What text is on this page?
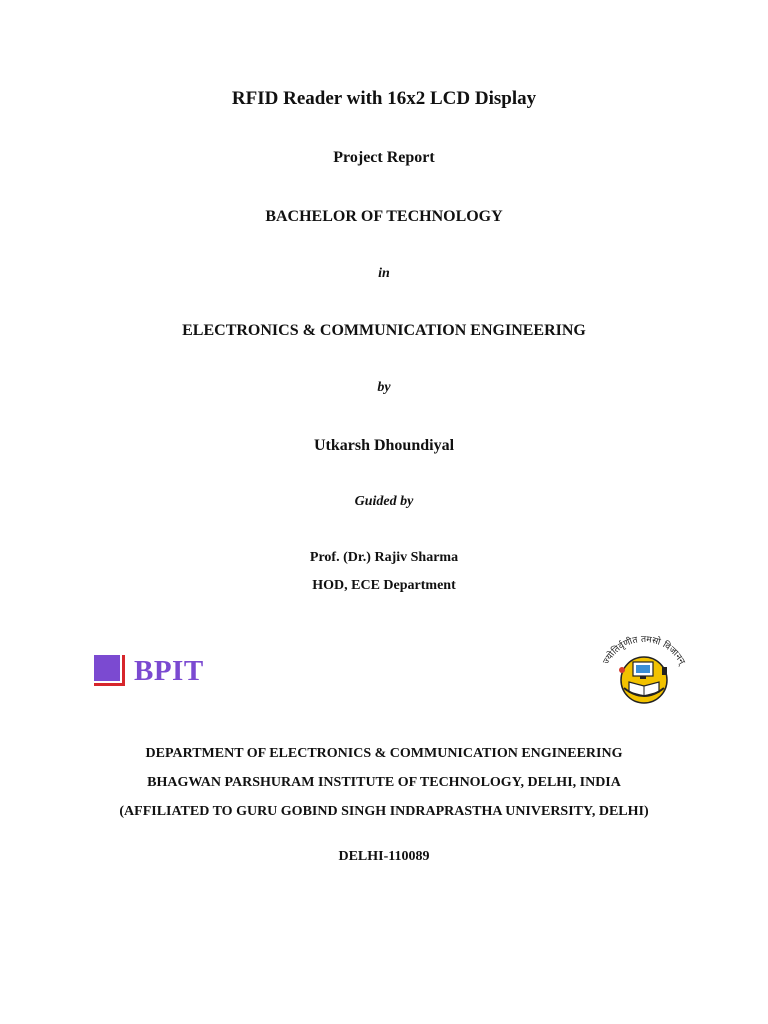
RFID Reader with 16x2 LCD Display
Project Report
BACHELOR OF TECHNOLOGY
in
ELECTRONICS & COMMUNICATION ENGINEERING
by
Utkarsh Dhoundiyal
Guided by
Prof. (Dr.) Rajiv Sharma
HOD, ECE Department
BPIT	ज्योतिर्वृणीत तमसो विजानन्
DEPARTMENT OF ELECTRONICS & COMMUNICATION ENGINEERING
BHAGWAN PARSHURAM INSTITUTE OF TECHNOLOGY, DELHI, INDIA
(AFFILIATED TO GURU GOBIND SINGH INDRAPRASTHA UNIVERSITY, DELHI)
DELHI-110089
